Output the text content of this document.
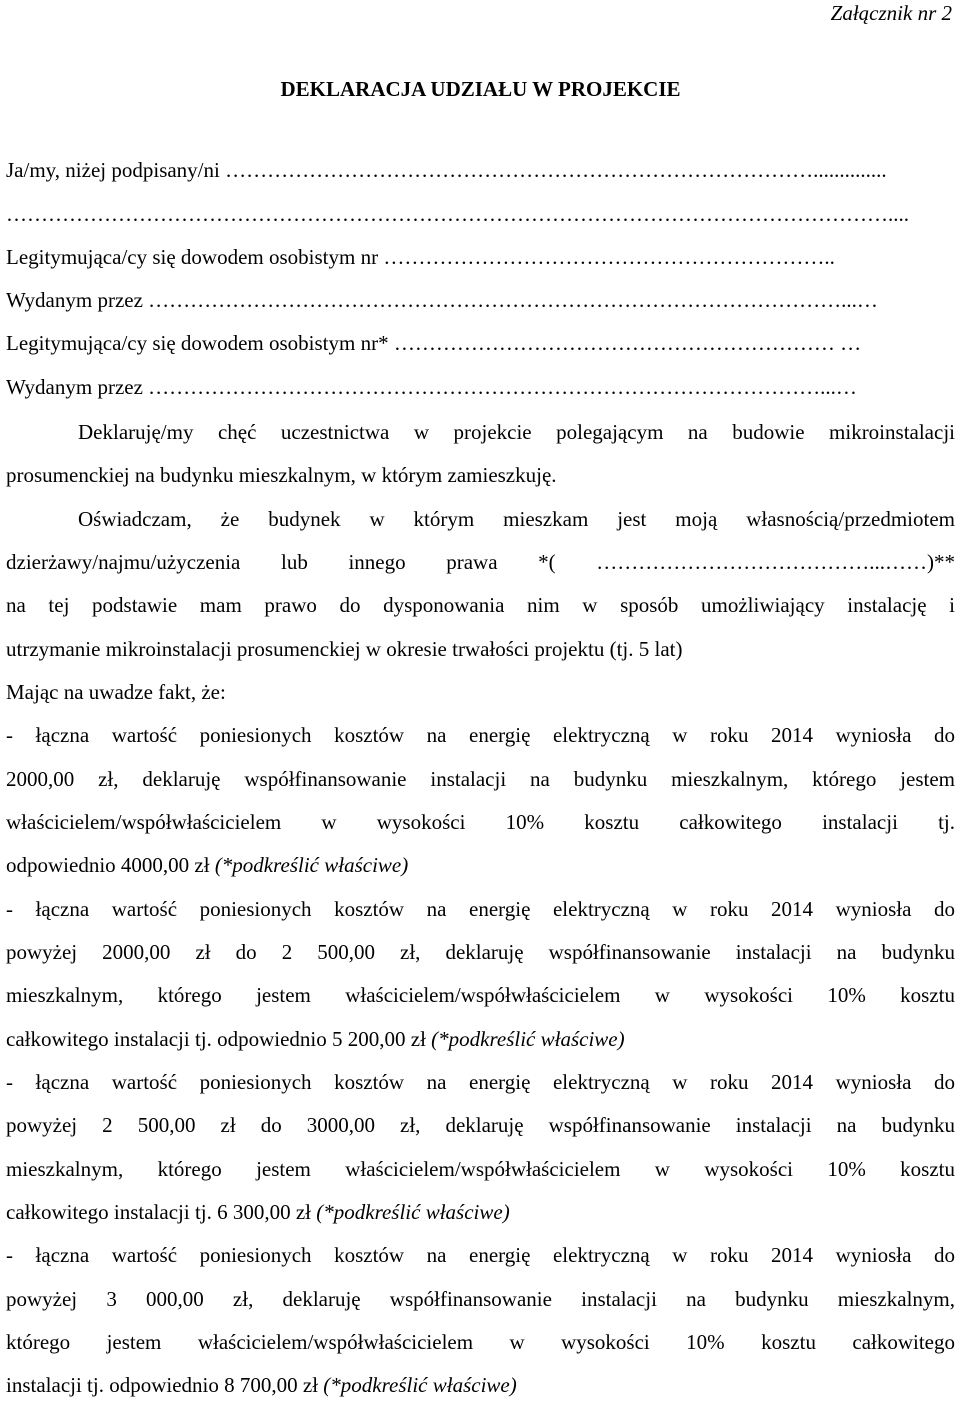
Załącznik nr 2
DEKLARACJA UDZIAŁU W PROJEKCIE
Ja/my, niżej podpisany/ni …………………………………………………………………………..............
………………………………………………………………………………………………………………....
Legitymująca/cy się dowodem osobistym nr ………………………………………………………..
Wydanym przez ………………………………………………………………………………………...…
Legitymująca/cy się dowodem osobistym nr* ……………………………………………………… …
Wydanym przez ……………………………………………………………………………………...…
Deklaruję/my chęć uczestnictwa w projekcie polegającym na budowie mikroinstalacji
prosumenckiej na budynku mieszkalnym, w którym zamieszkuję.
Oświadczam, że budynek w którym mieszkam jest moją własnością/przedmiotem
dzierżawy/najmu/użyczenia lub innego prawa *( …………………………………...……)**
na tej podstawie mam prawo do dysponowania nim w sposób umożliwiający instalację i
utrzymanie mikroinstalacji prosumenckiej w okresie trwałości projektu (tj. 5 lat)
Mając na uwadze fakt, że:
- łączna wartość poniesionych kosztów na energię elektryczną w roku 2014 wyniosła do
2000,00 zł, deklaruję współfinansowanie instalacji na budynku mieszkalnym, którego jestem
właścicielem/współwłaścicielem w wysokości 10% kosztu całkowitego instalacji tj.
odpowiednio 4000,00 zł (*podkreślić właściwe)
- łączna wartość poniesionych kosztów na energię elektryczną w roku 2014 wyniosła do
powyżej 2000,00 zł do 2 500,00 zł, deklaruję współfinansowanie instalacji na budynku
mieszkalnym, którego jestem właścicielem/współwłaścicielem w wysokości 10% kosztu
całkowitego instalacji tj. odpowiednio 5 200,00 zł (*podkreślić właściwe)
- łączna wartość poniesionych kosztów na energię elektryczną w roku 2014 wyniosła do
powyżej 2 500,00 zł do 3000,00 zł, deklaruję współfinansowanie instalacji na budynku
mieszkalnym, którego jestem właścicielem/współwłaścicielem w wysokości 10% kosztu
całkowitego instalacji tj. 6 300,00 zł (*podkreślić właściwe)
- łączna wartość poniesionych kosztów na energię elektryczną w roku 2014 wyniosła do
powyżej 3 000,00 zł, deklaruję współfinansowanie instalacji na budynku mieszkalnym,
którego jestem właścicielem/współwłaścicielem w wysokości 10% kosztu całkowitego
instalacji tj. odpowiednio 8 700,00 zł (*podkreślić właściwe)
